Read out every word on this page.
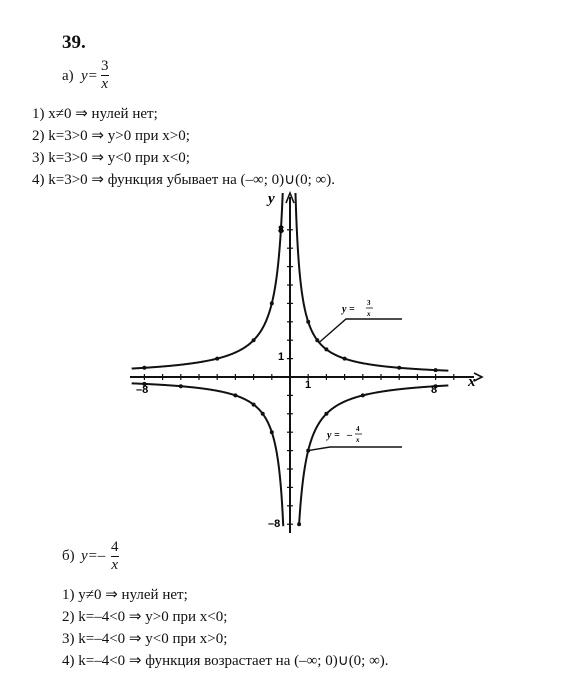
39.
а) y=
3
x
1) x≠0 ⇒ нулей нет;
2) k=3>0 ⇒ y>0 при x>0;
3) k=3>0 ⇒ y<0 при x<0;
4) k=3>0 ⇒ функция убывает на (–∞; 0)∪(0; ∞).
x
y
–8	1	8
8
1
–8
y =
3
x
y = –
4
x
б) y=–
4
x
1) y≠0 ⇒ нулей нет;
2) k=–4<0 ⇒ y>0 при x<0;
3) k=–4<0 ⇒ y<0 при x>0;
4) k=–4<0 ⇒ функция возрастает на (–∞; 0)∪(0; ∞).
